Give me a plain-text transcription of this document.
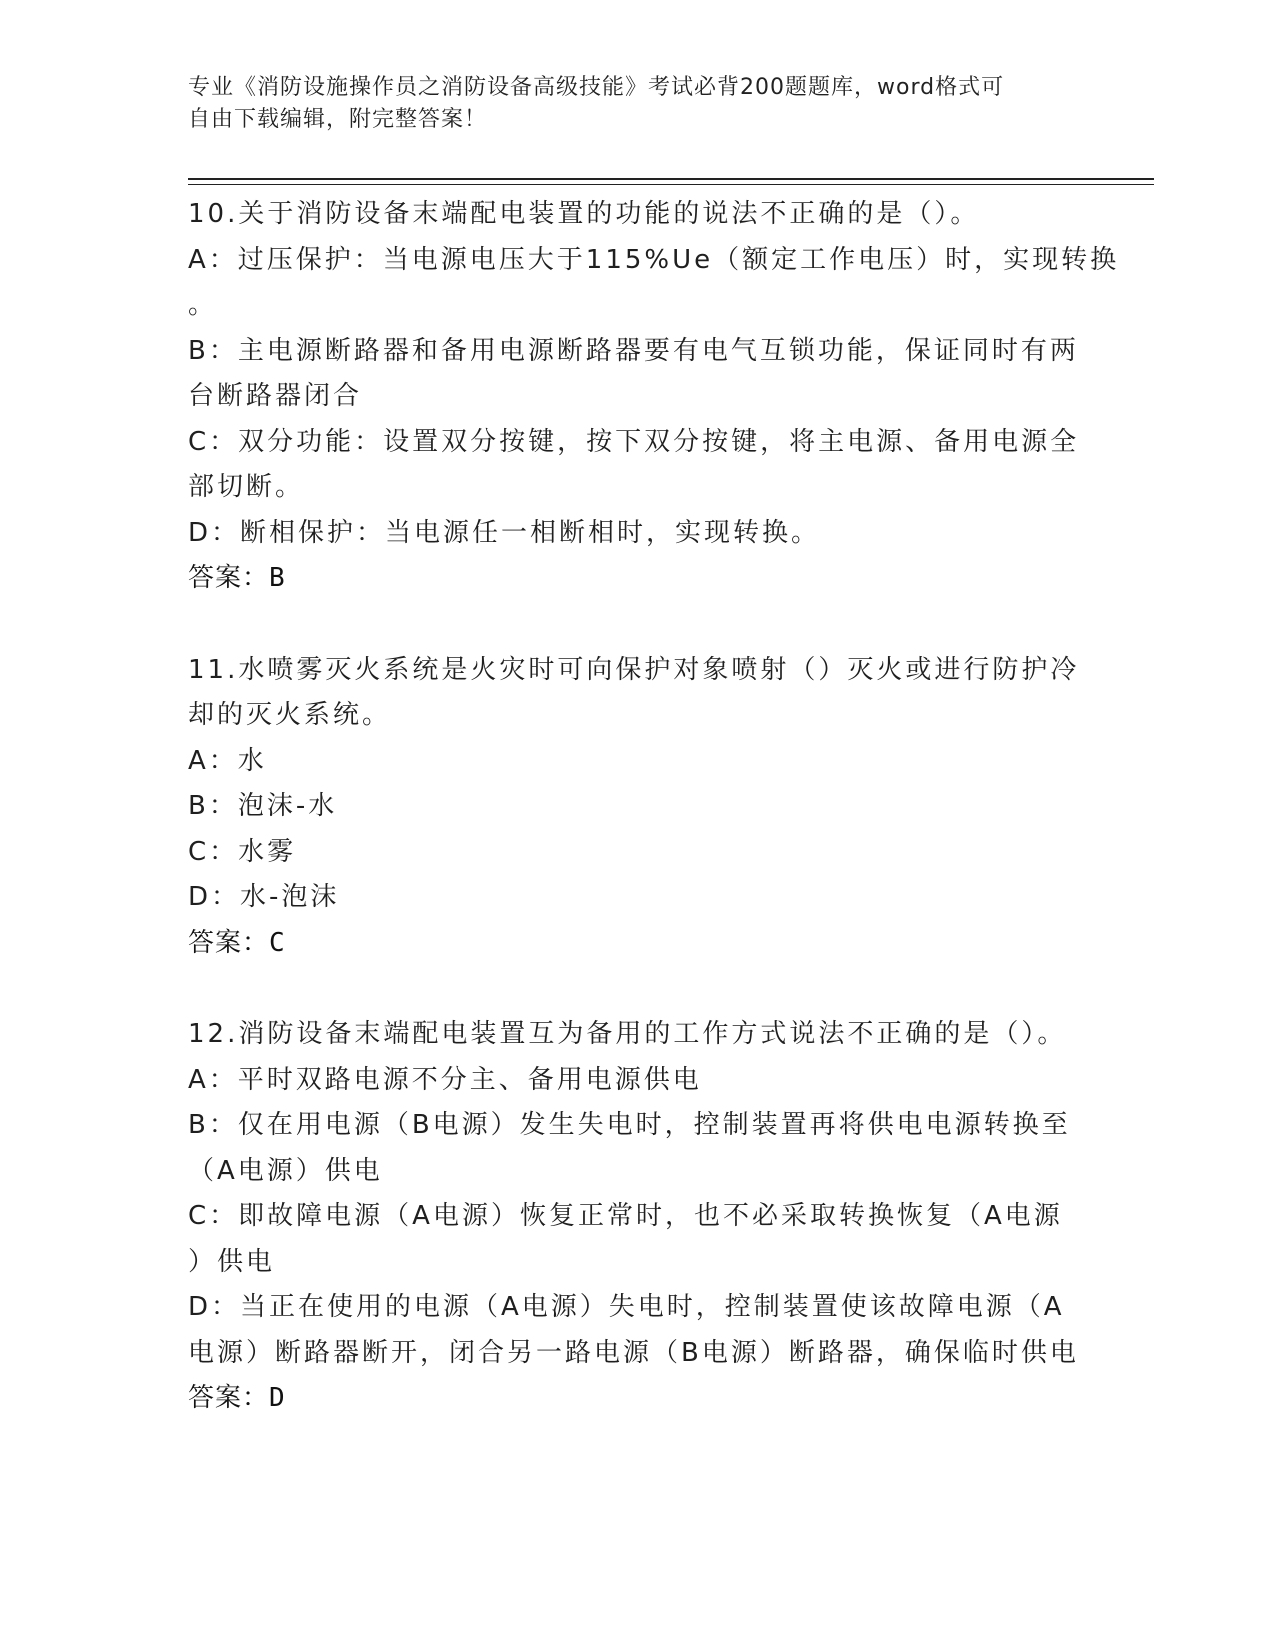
专业《消防设施操作员之消防设备高级技能》考试必背200题题库，word格式可

自由下载编辑，附完整答案！

10.关于消防设备末端配电装置的功能的说法不正确的是（）。

A：过压保护：当电源电压大于115%Ue（额定工作电压）时，实现转换

。

B：主电源断路器和备用电源断路器要有电气互锁功能，保证同时有两

台断路器闭合

C：双分功能：设置双分按键，按下双分按键，将主电源、备用电源全

部切断。

D：断相保护：当电源任一相断相时，实现转换。

答案：B

11.水喷雾灭火系统是火灾时可向保护对象喷射（）灭火或进行防护冷

却的灭火系统。

A：水

B：泡沫-水

C：水雾

D：水-泡沫

答案：C

12.消防设备末端配电装置互为备用的工作方式说法不正确的是（）。

A：平时双路电源不分主、备用电源供电

B：仅在用电源（B电源）发生失电时，控制装置再将供电电源转换至

（A电源）供电

C：即故障电源（A电源）恢复正常时，也不必采取转换恢复（A电源

）供电

D：当正在使用的电源（A电源）失电时，控制装置使该故障电源（A

电源）断路器断开，闭合另一路电源（B电源）断路器，确保临时供电

答案：D
